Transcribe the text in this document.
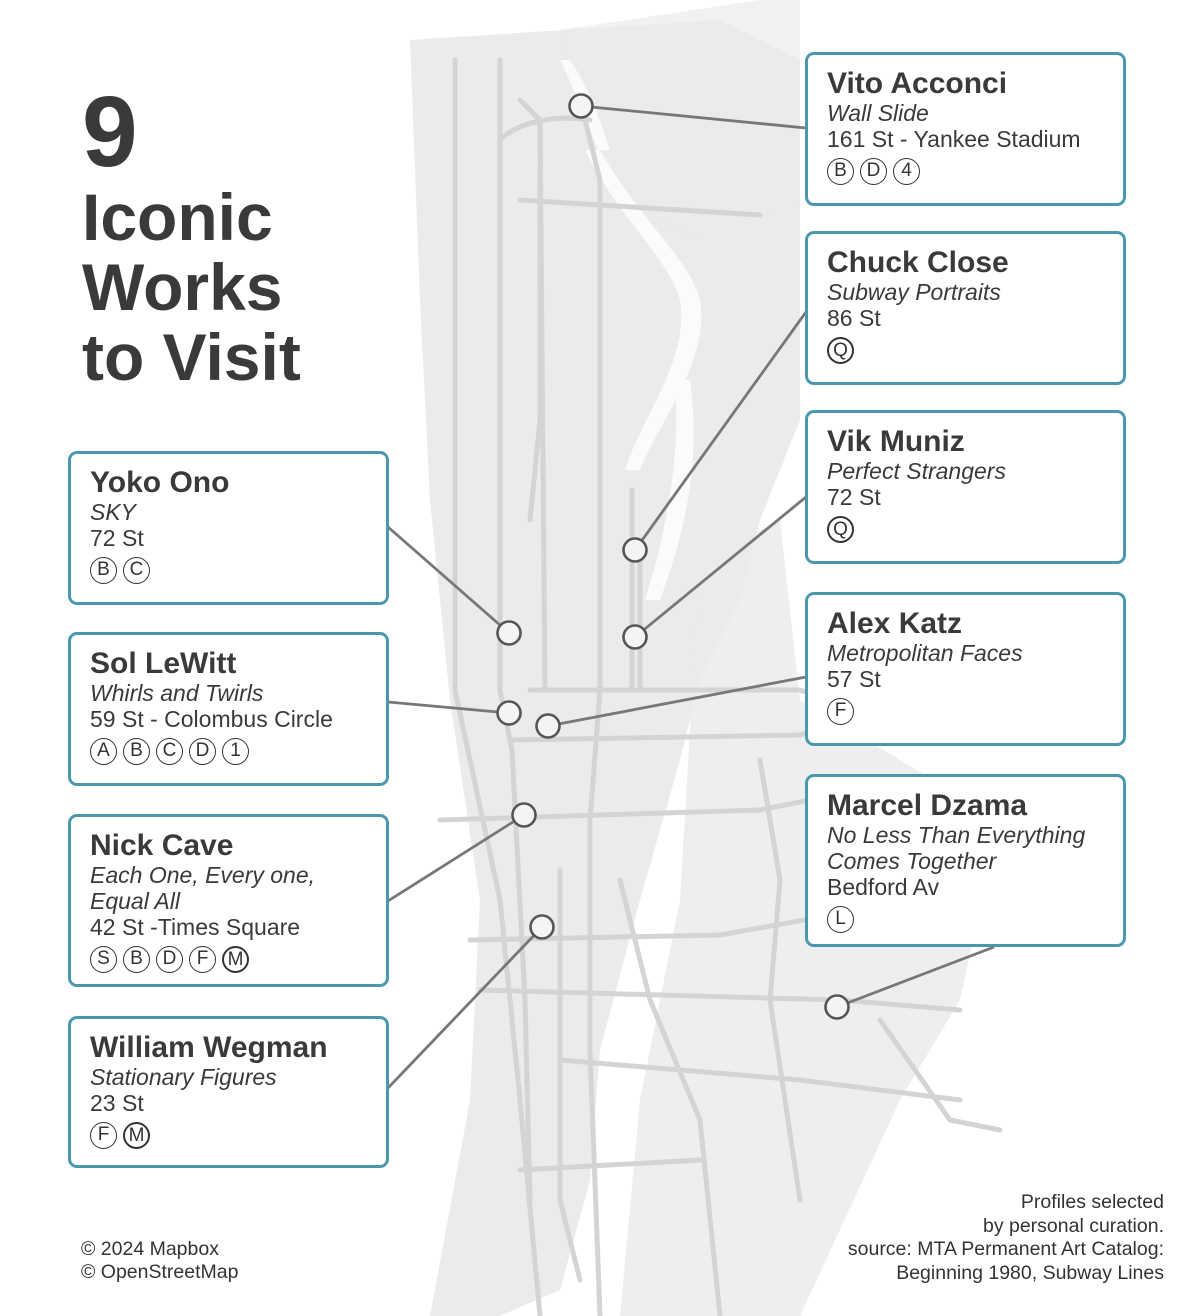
9
Iconic
Works
to Visit
Vito Acconci
Wall Slide
161 St - Yankee Stadium
B	D	4
Chuck Close
Subway Portraits
86 St
Q
Vik Muniz
Perfect Strangers
72 St
Q
Alex Katz
Metropolitan Faces
57 St
F
Marcel Dzama
No Less Than Everything
Comes Together
Bedford Av
L
Yoko Ono
SKY
72 St
B	C
Sol LeWitt
Whirls and Twirls
59 St - Colombus Circle
A	B	C	D	1
Nick Cave
Each One, Every one,
Equal All
42 St -Times Square
S	B	D	F	M
William Wegman
Stationary Figures
23 St
F	M
© 2024 Mapbox
© OpenStreetMap
Profiles selected
by personal curation.
source: MTA Permanent Art Catalog:
Beginning 1980, Subway Lines
